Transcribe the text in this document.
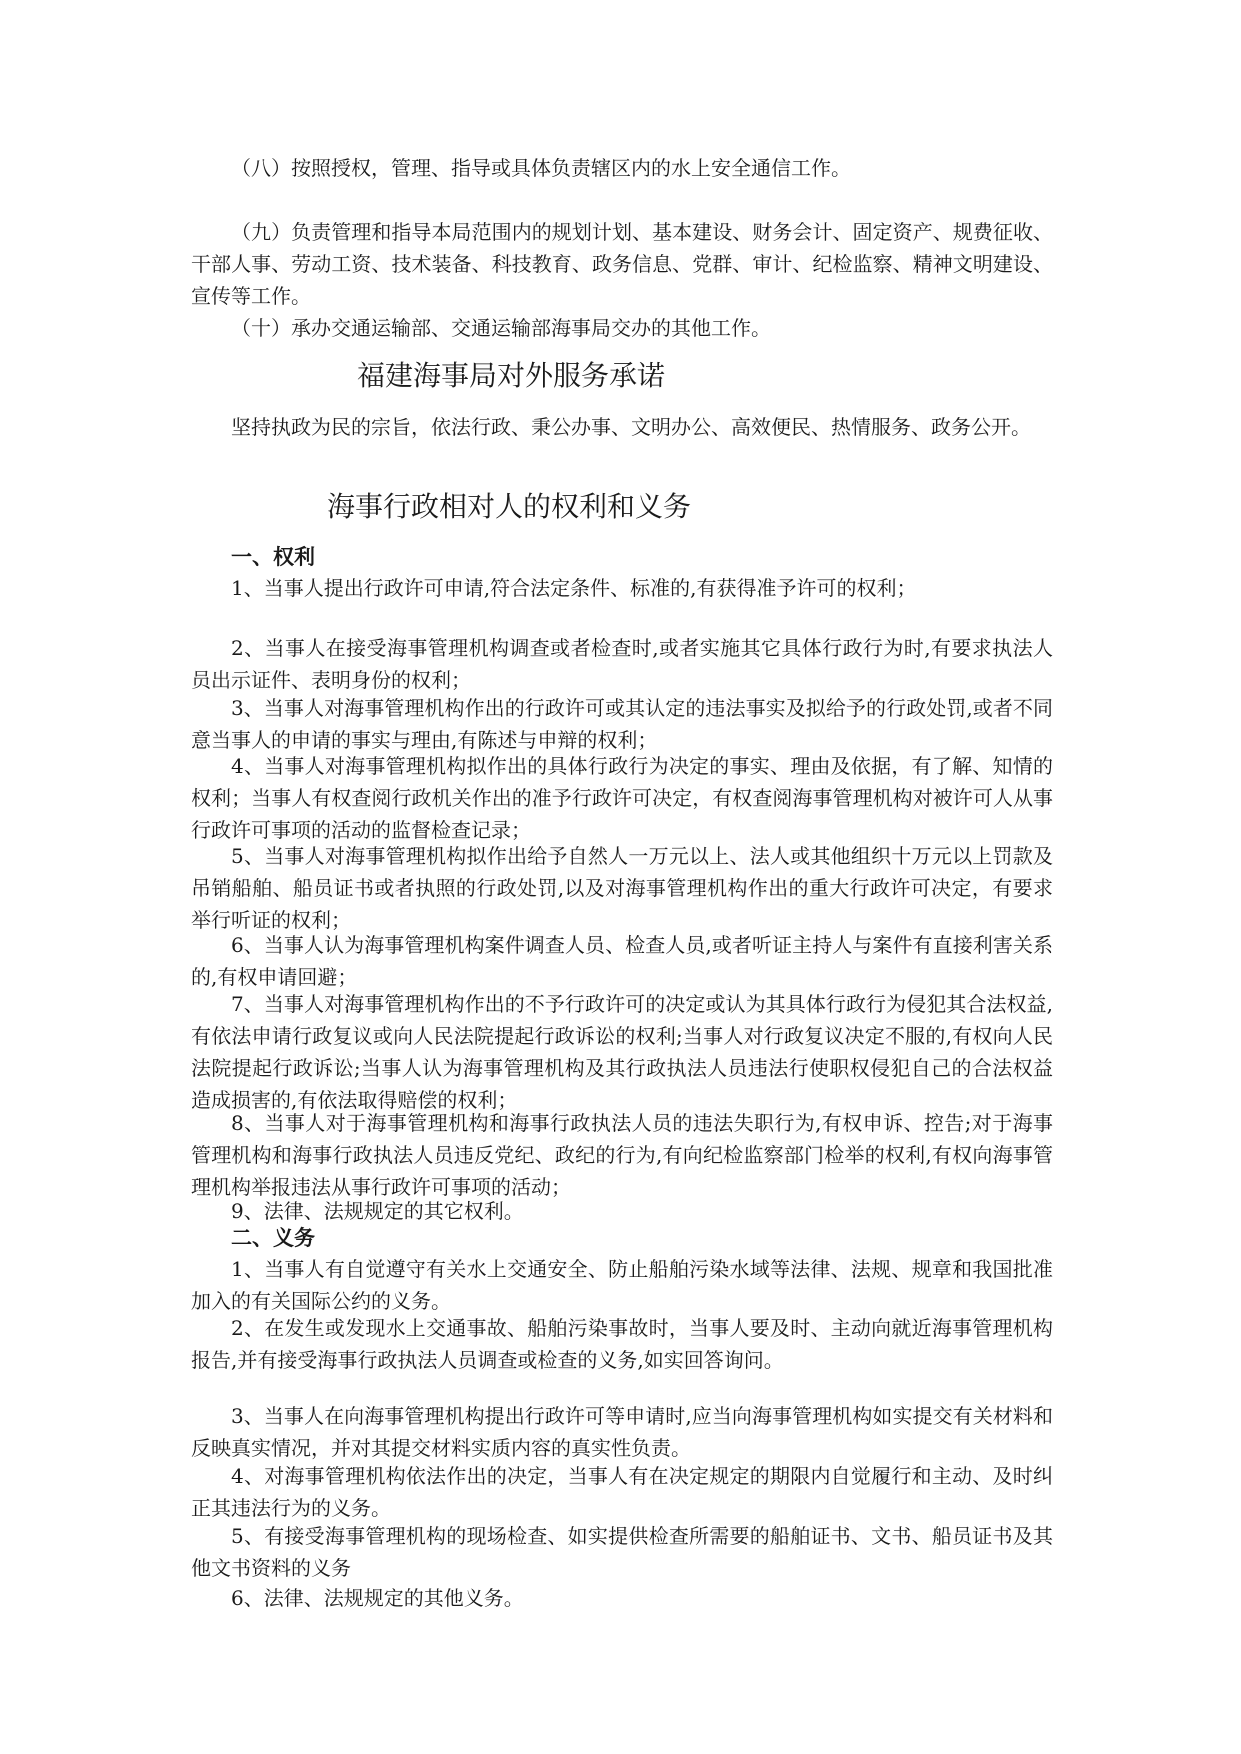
（八）按照授权，管理、指导或具体负责辖区内的水上安全通信工作。

（九）负责管理和指导本局范围内的规划计划、基本建设、财务会计、固定资产、规费征收、干部人事、劳动工资、技术装备、科技教育、政务信息、党群、审计、纪检监察、精神文明建设、宣传等工作。

（十）承办交通运输部、交通运输部海事局交办的其他工作。

福建海事局对外服务承诺

坚持执政为民的宗旨，依法行政、秉公办事、文明办公、高效便民、热情服务、政务公开。

海事行政相对人的权利和义务
一、权利

1、当事人提出行政许可申请,符合法定条件、标准的,有获得准予许可的权利；

2、当事人在接受海事管理机构调查或者检查时,或者实施其它具体行政行为时,有要求执法人员出示证件、表明身份的权利；

3、当事人对海事管理机构作出的行政许可或其认定的违法事实及拟给予的行政处罚,或者不同意当事人的申请的事实与理由,有陈述与申辩的权利；

4、当事人对海事管理机构拟作出的具体行政行为决定的事实、理由及依据，有了解、知情的权利；当事人有权查阅行政机关作出的准予行政许可决定，有权查阅海事管理机构对被许可人从事行政许可事项的活动的监督检查记录；

5、当事人对海事管理机构拟作出给予自然人一万元以上、法人或其他组织十万元以上罚款及吊销船舶、船员证书或者执照的行政处罚,以及对海事管理机构作出的重大行政许可决定，有要求举行听证的权利；

6、当事人认为海事管理机构案件调查人员、检查人员,或者听证主持人与案件有直接利害关系的,有权申请回避；

7、当事人对海事管理机构作出的不予行政许可的决定或认为其具体行政行为侵犯其合法权益,有依法申请行政复议或向人民法院提起行政诉讼的权利;当事人对行政复议决定不服的,有权向人民法院提起行政诉讼;当事人认为海事管理机构及其行政执法人员违法行使职权侵犯自己的合法权益造成损害的,有依法取得赔偿的权利；

8、当事人对于海事管理机构和海事行政执法人员的违法失职行为,有权申诉、控告;对于海事管理机构和海事行政执法人员违反党纪、政纪的行为,有向纪检监察部门检举的权利,有权向海事管理机构举报违法从事行政许可事项的活动；

9、法律、法规规定的其它权利。

二、义务

1、当事人有自觉遵守有关水上交通安全、防止船舶污染水域等法律、法规、规章和我国批准加入的有关国际公约的义务。

2、在发生或发现水上交通事故、船舶污染事故时，当事人要及时、主动向就近海事管理机构报告,并有接受海事行政执法人员调查或检查的义务,如实回答询问。

3、当事人在向海事管理机构提出行政许可等申请时,应当向海事管理机构如实提交有关材料和反映真实情况，并对其提交材料实质内容的真实性负责。

4、对海事管理机构依法作出的决定，当事人有在决定规定的期限内自觉履行和主动、及时纠正其违法行为的义务。

5、有接受海事管理机构的现场检查、如实提供检查所需要的船舶证书、文书、船员证书及其他文书资料的义务

6、法律、法规规定的其他义务。
